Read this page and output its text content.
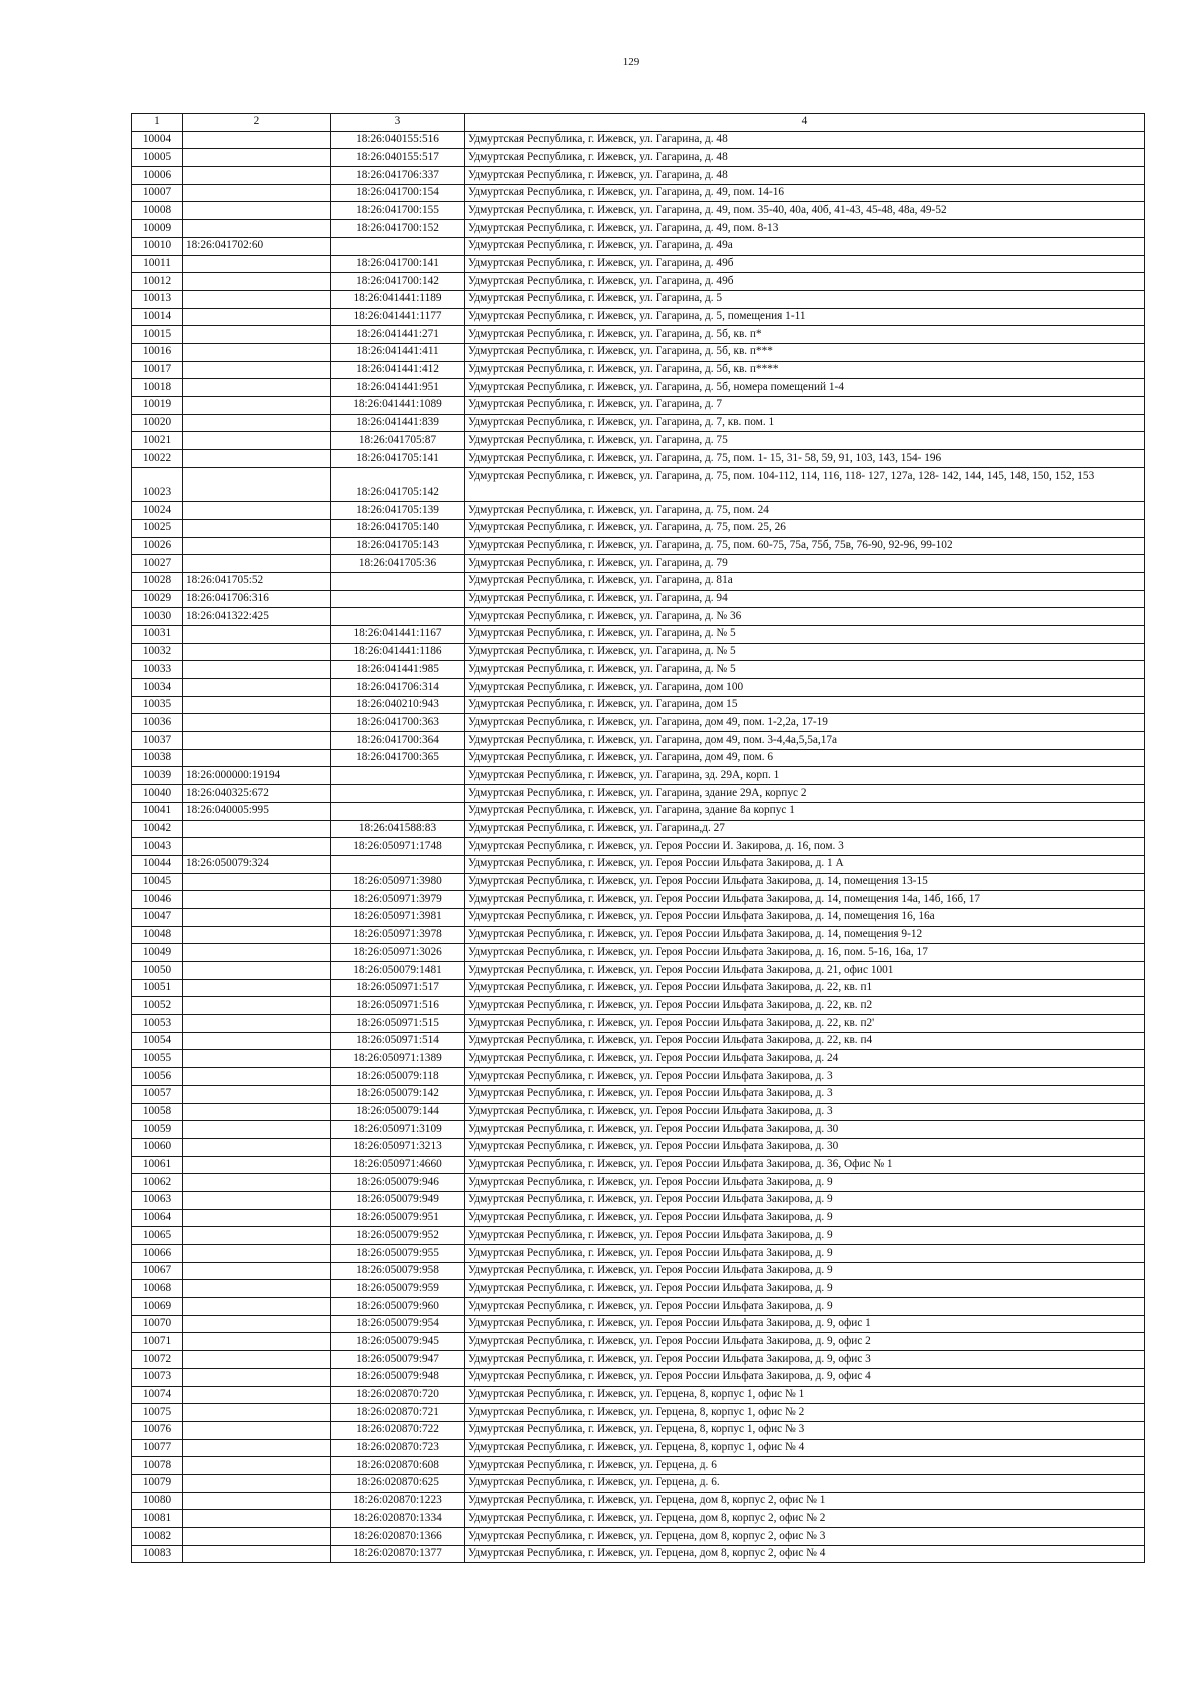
129
1	2	3	4
10004		18:26:040155:516	Удмуртская Республика, г. Ижевск, ул. Гагарина, д. 48
10005		18:26:040155:517	Удмуртская Республика, г. Ижевск, ул. Гагарина, д. 48
10006		18:26:041706:337	Удмуртская Республика, г. Ижевск, ул. Гагарина, д. 48
10007		18:26:041700:154	Удмуртская Республика, г. Ижевск, ул. Гагарина, д. 49, пом. 14-16
10008		18:26:041700:155	Удмуртская Республика, г. Ижевск, ул. Гагарина, д. 49, пом. 35-40, 40а, 40б, 41-43, 45-48, 48а, 49-52
10009		18:26:041700:152	Удмуртская Республика, г. Ижевск, ул. Гагарина, д. 49, пом. 8-13
10010	18:26:041702:60		Удмуртская Республика, г. Ижевск, ул. Гагарина, д. 49а
10011		18:26:041700:141	Удмуртская Республика, г. Ижевск, ул. Гагарина, д. 49б
10012		18:26:041700:142	Удмуртская Республика, г. Ижевск, ул. Гагарина, д. 49б
10013		18:26:041441:1189	Удмуртская Республика, г. Ижевск, ул. Гагарина, д. 5
10014		18:26:041441:1177	Удмуртская Республика, г. Ижевск, ул. Гагарина, д. 5, помещения 1-11
10015		18:26:041441:271	Удмуртская Республика, г. Ижевск, ул. Гагарина, д. 5б, кв. п*
10016		18:26:041441:411	Удмуртская Республика, г. Ижевск, ул. Гагарина, д. 5б, кв. п***
10017		18:26:041441:412	Удмуртская Республика, г. Ижевск, ул. Гагарина, д. 5б, кв. п****
10018		18:26:041441:951	Удмуртская Республика, г. Ижевск, ул. Гагарина, д. 5б, номера помещений 1-4
10019		18:26:041441:1089	Удмуртская Республика, г. Ижевск, ул. Гагарина, д. 7
10020		18:26:041441:839	Удмуртская Республика, г. Ижевск, ул. Гагарина, д. 7, кв. пом. 1
10021		18:26:041705:87	Удмуртская Республика, г. Ижевск, ул. Гагарина, д. 75
10022		18:26:041705:141	Удмуртская Республика, г. Ижевск, ул. Гагарина, д. 75, пом. 1- 15, 31- 58, 59, 91, 103, 143, 154- 196
10023		18:26:041705:142	Удмуртская Республика, г. Ижевск, ул. Гагарина, д. 75, пом. 104-112, 114, 116, 118- 127, 127а, 128- 142, 144, 145, 148, 150, 152, 153
10024		18:26:041705:139	Удмуртская Республика, г. Ижевск, ул. Гагарина, д. 75, пом. 24
10025		18:26:041705:140	Удмуртская Республика, г. Ижевск, ул. Гагарина, д. 75, пом. 25, 26
10026		18:26:041705:143	Удмуртская Республика, г. Ижевск, ул. Гагарина, д. 75, пом. 60-75, 75а, 75б, 75в, 76-90, 92-96, 99-102
10027		18:26:041705:36	Удмуртская Республика, г. Ижевск, ул. Гагарина, д. 79
10028	18:26:041705:52		Удмуртская Республика, г. Ижевск, ул. Гагарина, д. 81а
10029	18:26:041706:316		Удмуртская Республика, г. Ижевск, ул. Гагарина, д. 94
10030	18:26:041322:425		Удмуртская Республика, г. Ижевск, ул. Гагарина, д. № 36
10031		18:26:041441:1167	Удмуртская Республика, г. Ижевск, ул. Гагарина, д. № 5
10032		18:26:041441:1186	Удмуртская Республика, г. Ижевск, ул. Гагарина, д. № 5
10033		18:26:041441:985	Удмуртская Республика, г. Ижевск, ул. Гагарина, д. № 5
10034		18:26:041706:314	Удмуртская Республика, г. Ижевск, ул. Гагарина, дом 100
10035		18:26:040210:943	Удмуртская Республика, г. Ижевск, ул. Гагарина, дом 15
10036		18:26:041700:363	Удмуртская Республика, г. Ижевск, ул. Гагарина, дом 49, пом. 1-2,2а, 17-19
10037		18:26:041700:364	Удмуртская Республика, г. Ижевск, ул. Гагарина, дом 49, пом. 3-4,4а,5,5а,17а
10038		18:26:041700:365	Удмуртская Республика, г. Ижевск, ул. Гагарина, дом 49, пом. 6
10039	18:26:000000:19194		Удмуртская Республика, г. Ижевск, ул. Гагарина, зд. 29А, корп. 1
10040	18:26:040325:672		Удмуртская Республика, г. Ижевск, ул. Гагарина, здание 29А, корпус 2
10041	18:26:040005:995		Удмуртская Республика, г. Ижевск, ул. Гагарина, здание 8а корпус 1
10042		18:26:041588:83	Удмуртская Республика, г. Ижевск, ул. Гагарина,д. 27
10043		18:26:050971:1748	Удмуртская Республика, г. Ижевск, ул. Героя России И. Закирова, д. 16, пом. 3
10044	18:26:050079:324		Удмуртская Республика, г. Ижевск, ул. Героя России Ильфата Закирова, д. 1 А
10045		18:26:050971:3980	Удмуртская Республика, г. Ижевск, ул. Героя России Ильфата Закирова, д. 14, помещения 13-15
10046		18:26:050971:3979	Удмуртская Республика, г. Ижевск, ул. Героя России Ильфата Закирова, д. 14, помещения 14а, 14б, 16б, 17
10047		18:26:050971:3981	Удмуртская Республика, г. Ижевск, ул. Героя России Ильфата Закирова, д. 14, помещения 16, 16а
10048		18:26:050971:3978	Удмуртская Республика, г. Ижевск, ул. Героя России Ильфата Закирова, д. 14, помещения 9-12
10049		18:26:050971:3026	Удмуртская Республика, г. Ижевск, ул. Героя России Ильфата Закирова, д. 16, пом. 5-16, 16а, 17
10050		18:26:050079:1481	Удмуртская Республика, г. Ижевск, ул. Героя России Ильфата Закирова, д. 21, офис 1001
10051		18:26:050971:517	Удмуртская Республика, г. Ижевск, ул. Героя России Ильфата Закирова, д. 22, кв. п1
10052		18:26:050971:516	Удмуртская Республика, г. Ижевск, ул. Героя России Ильфата Закирова, д. 22, кв. п2
10053		18:26:050971:515	Удмуртская Республика, г. Ижевск, ул. Героя России Ильфата Закирова, д. 22, кв. п2'
10054		18:26:050971:514	Удмуртская Республика, г. Ижевск, ул. Героя России Ильфата Закирова, д. 22, кв. п4
10055		18:26:050971:1389	Удмуртская Республика, г. Ижевск, ул. Героя России Ильфата Закирова, д. 24
10056		18:26:050079:118	Удмуртская Республика, г. Ижевск, ул. Героя России Ильфата Закирова, д. 3
10057		18:26:050079:142	Удмуртская Республика, г. Ижевск, ул. Героя России Ильфата Закирова, д. 3
10058		18:26:050079:144	Удмуртская Республика, г. Ижевск, ул. Героя России Ильфата Закирова, д. 3
10059		18:26:050971:3109	Удмуртская Республика, г. Ижевск, ул. Героя России Ильфата Закирова, д. 30
10060		18:26:050971:3213	Удмуртская Республика, г. Ижевск, ул. Героя России Ильфата Закирова, д. 30
10061		18:26:050971:4660	Удмуртская Республика, г. Ижевск, ул. Героя России Ильфата Закирова, д. 36, Офис № 1
10062		18:26:050079:946	Удмуртская Республика, г. Ижевск, ул. Героя России Ильфата Закирова, д. 9
10063		18:26:050079:949	Удмуртская Республика, г. Ижевск, ул. Героя России Ильфата Закирова, д. 9
10064		18:26:050079:951	Удмуртская Республика, г. Ижевск, ул. Героя России Ильфата Закирова, д. 9
10065		18:26:050079:952	Удмуртская Республика, г. Ижевск, ул. Героя России Ильфата Закирова, д. 9
10066		18:26:050079:955	Удмуртская Республика, г. Ижевск, ул. Героя России Ильфата Закирова, д. 9
10067		18:26:050079:958	Удмуртская Республика, г. Ижевск, ул. Героя России Ильфата Закирова, д. 9
10068		18:26:050079:959	Удмуртская Республика, г. Ижевск, ул. Героя России Ильфата Закирова, д. 9
10069		18:26:050079:960	Удмуртская Республика, г. Ижевск, ул. Героя России Ильфата Закирова, д. 9
10070		18:26:050079:954	Удмуртская Республика, г. Ижевск, ул. Героя России Ильфата Закирова, д. 9, офис 1
10071		18:26:050079:945	Удмуртская Республика, г. Ижевск, ул. Героя России Ильфата Закирова, д. 9, офис 2
10072		18:26:050079:947	Удмуртская Республика, г. Ижевск, ул. Героя России Ильфата Закирова, д. 9, офис 3
10073		18:26:050079:948	Удмуртская Республика, г. Ижевск, ул. Героя России Ильфата Закирова, д. 9, офис 4
10074		18:26:020870:720	Удмуртская Республика, г. Ижевск, ул. Герцена, 8, корпус 1, офис № 1
10075		18:26:020870:721	Удмуртская Республика, г. Ижевск, ул. Герцена, 8, корпус 1, офис № 2
10076		18:26:020870:722	Удмуртская Республика, г. Ижевск, ул. Герцена, 8, корпус 1, офис № 3
10077		18:26:020870:723	Удмуртская Республика, г. Ижевск, ул. Герцена, 8, корпус 1, офис № 4
10078		18:26:020870:608	Удмуртская Республика, г. Ижевск, ул. Герцена, д. 6
10079		18:26:020870:625	Удмуртская Республика, г. Ижевск, ул. Герцена, д. 6.
10080		18:26:020870:1223	Удмуртская Республика, г. Ижевск, ул. Герцена, дом 8, корпус 2, офис № 1
10081		18:26:020870:1334	Удмуртская Республика, г. Ижевск, ул. Герцена, дом 8, корпус 2, офис № 2
10082		18:26:020870:1366	Удмуртская Республика, г. Ижевск, ул. Герцена, дом 8, корпус 2, офис № 3
10083		18:26:020870:1377	Удмуртская Республика, г. Ижевск, ул. Герцена, дом 8, корпус 2, офис № 4
